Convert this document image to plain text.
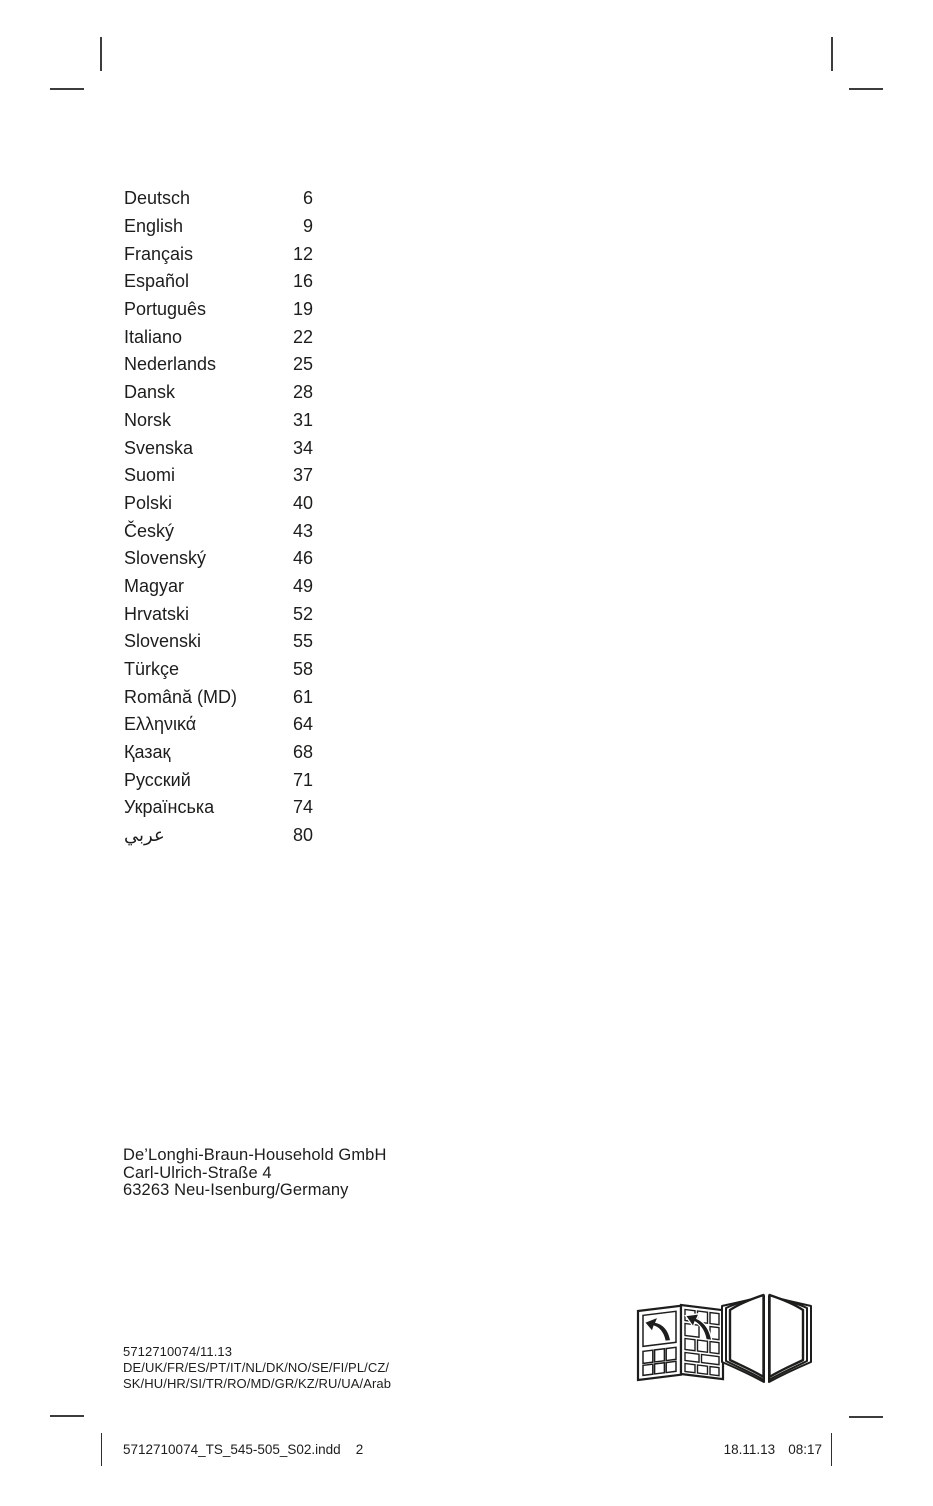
Deutsch	6
English	9
Français	12
Español	16
Português	19
Italiano	22
Nederlands	25
Dansk	28
Norsk	31
Svenska	34
Suomi	37
Polski	40
Český	43
Slovenský	46
Magyar	49
Hrvatski	52
Slovenski	55
Türkçe	58
Română (MD)	61
Ελληνικά	64
Қазақ	68
Русский	71
Українська	74
عربي	80
De’Longhi-Braun-Household GmbH
Carl-Ulrich-Straße 4
63263 Neu-Isenburg/Germany
5712710074/11.13
DE/UK/FR/ES/PT/IT/NL/DK/NO/SE/FI/PL/CZ/
SK/HU/HR/SI/TR/RO/MD/GR/KZ/RU/UA/Arab
5712710074_TS_545-505_S02.indd 2	18.11.13 08:17
